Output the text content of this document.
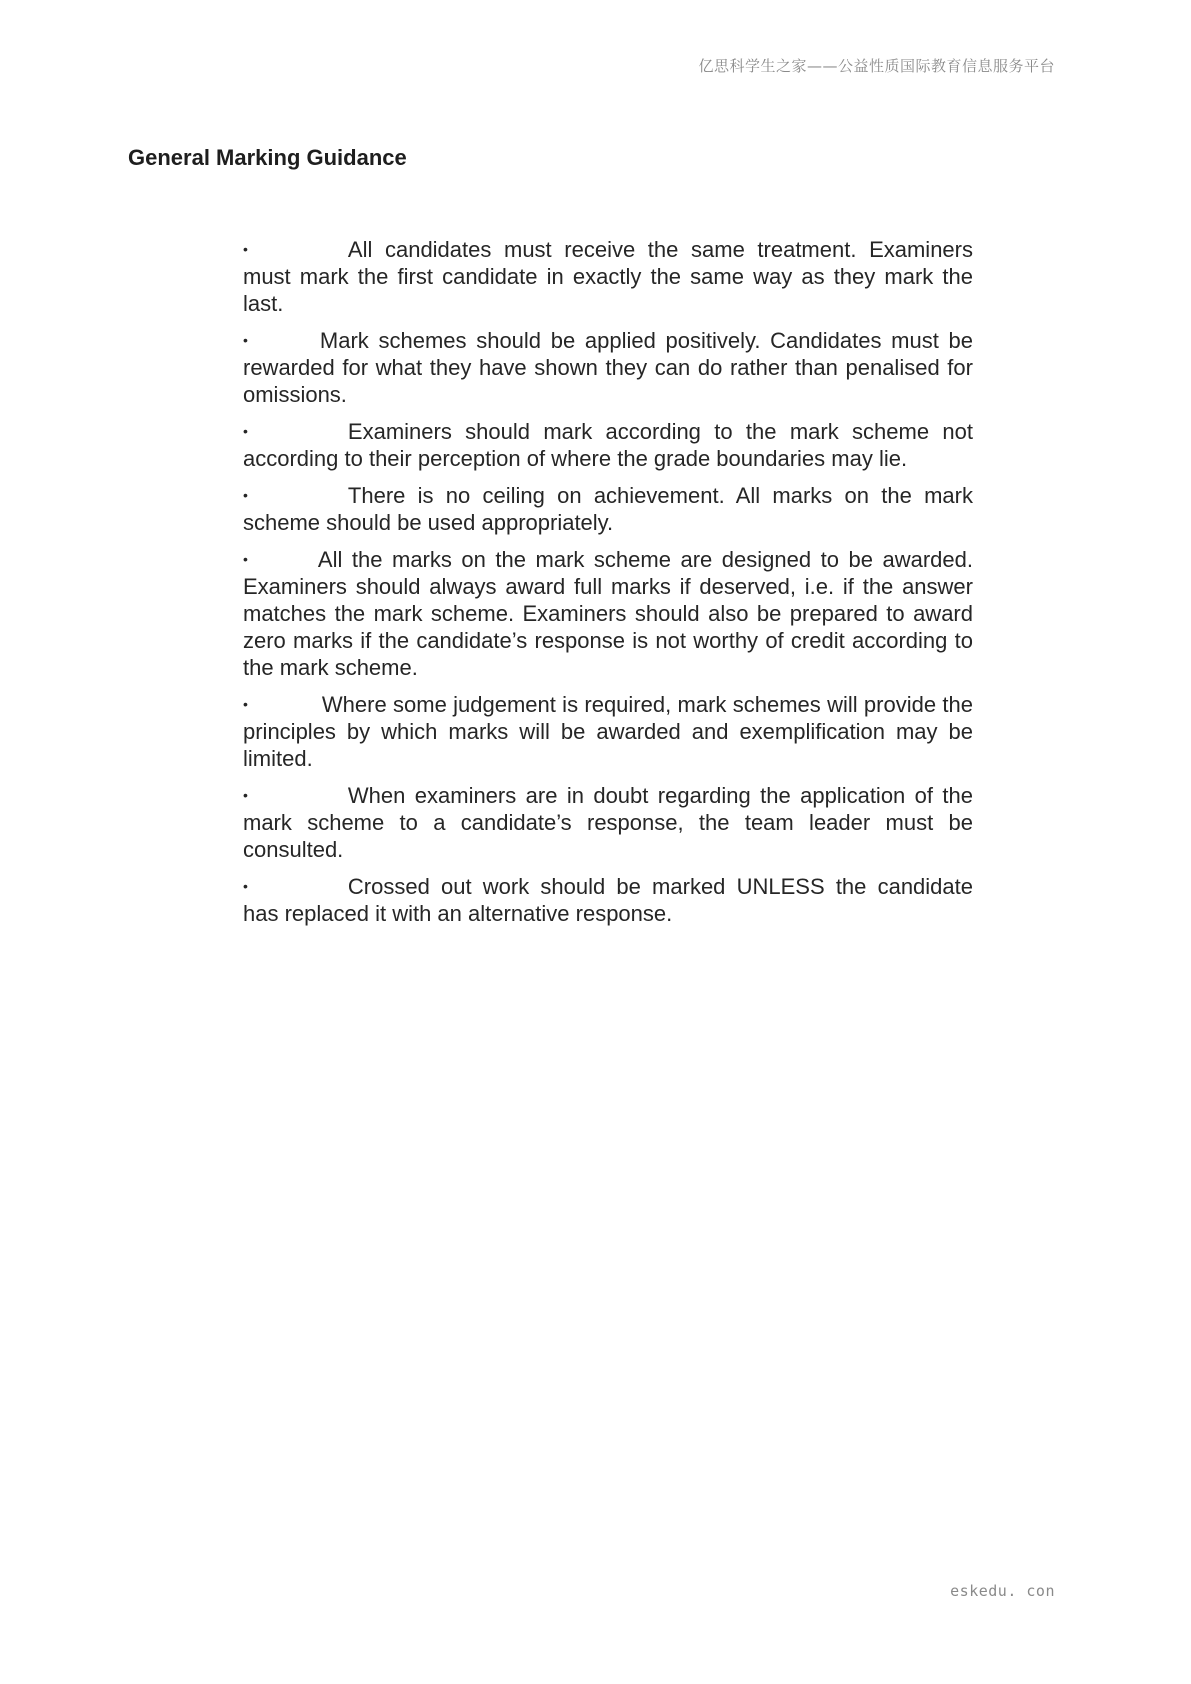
亿思科学生之家——公益性质国际教育信息服务平台
General Marking Guidance
•	All candidates must receive the same treatment. Examiners must mark the first candidate in exactly the same way as they mark the last.
•	Mark schemes should be applied positively. Candidates must be rewarded for what they have shown they can do rather than penalised for omissions.
•	Examiners should mark according to the mark scheme not according to their perception of where the grade boundaries may lie.
•	There is no ceiling on achievement. All marks on the mark scheme should be used appropriately.
•	All the marks on the mark scheme are designed to be awarded. Examiners should always award full marks if deserved, i.e. if the answer matches the mark scheme. Examiners should also be prepared to award zero marks if the candidate’s response is not worthy of credit according to the mark scheme.
•	Where some judgement is required, mark schemes will provide the principles by which marks will be awarded and exemplification may be limited.
•	When examiners are in doubt regarding the application of the mark scheme to a candidate’s response, the team leader must be consulted.
•	Crossed out work should be marked UNLESS the candidate has replaced it with an alternative response.
eskedu. con
